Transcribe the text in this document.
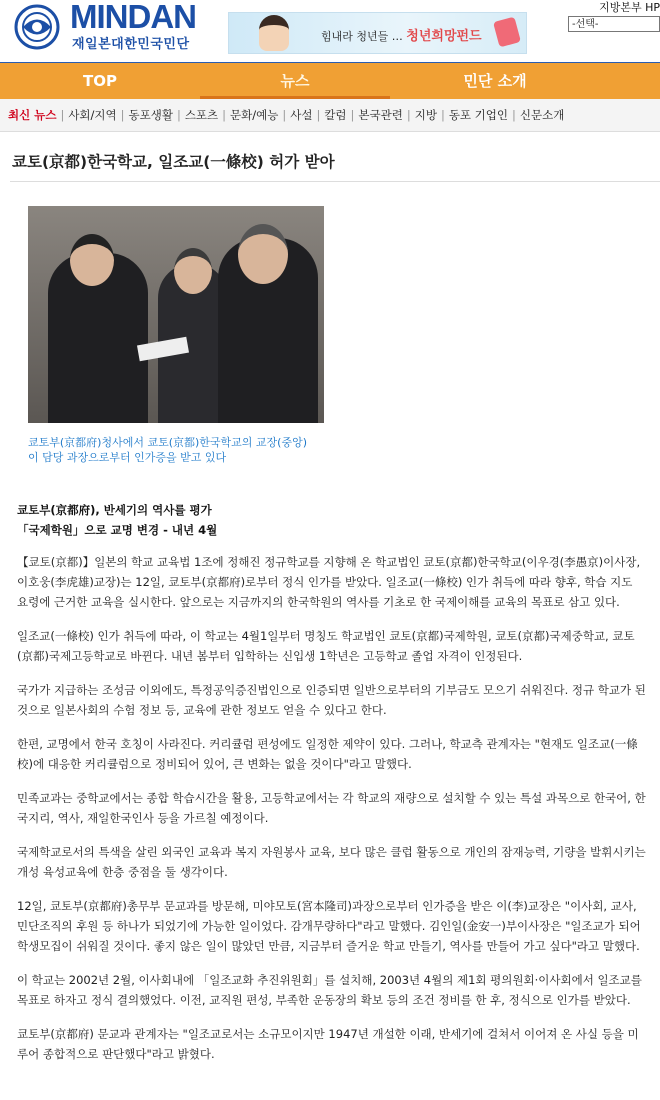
MINDAN
재일본대한민국민단
힘내라 청년들 … 청년희망펀드
지방본부 HP
-선택-
TOP	뉴스	민단 소개
최신 뉴스 | 사회/지역 | 동포생활 | 스포츠 | 문화/예능 | 사설 | 칼럼 | 본국관련 | 지방 | 동포 기업인 | 신문소개
쿄토(京都)한국학교, 일조교(一條校) 허가 받아
쿄토부(京都府)청사에서 쿄토(京都)한국학교의 교장(중앙)
이 담당 과장으로부터 인가증을 받고 있다
쿄토부(京都府), 반세기의 역사를 평가
「국제학원」으로 교명 변경 - 내년 4월

【쿄토(京都)】일본의 학교 교육법 1조에 정해진 정규학교를 지향해 온 학교법인 쿄토(京都)한국학교(이우경(李愚京)이사장, 이호웅(李虎雄)교장)는 12일, 쿄토부(京都府)로부터 정식 인가를 받았다. 일조교(一條校) 인가 취득에 따라 향후, 학습 지도 요령에 근거한 교육을 실시한다. 앞으로는 지금까지의 한국학원의 역사를 기초로 한 국제이해를 교육의 목표로 삼고 있다.

일조교(一條校) 인가 취득에 따라, 이 학교는 4월1일부터 명칭도 학교법인 쿄토(京都)국제학원, 쿄토(京都)국제중학교, 쿄토(京都)국제고등학교로 바뀐다. 내년 봄부터 입학하는 신입생 1학년은 고등학교 졸업 자격이 인정된다.

국가가 지급하는 조성금 이외에도, 특정공익증진법인으로 인증되면 일반으로부터의 기부금도 모으기 쉬워진다. 정규 학교가 된 것으로 일본사회의 수험 정보 등, 교육에 관한 정보도 얻을 수 있다고 한다.

한편, 교명에서 한국 호칭이 사라진다. 커리큘럼 편성에도 일정한 제약이 있다. 그러나, 학교측 관계자는 "현재도 일조교(一條校)에 대응한 커리큘럼으로 정비되어 있어, 큰 변화는 없을 것이다"라고 말했다.

민족교과는 중학교에서는 종합 학습시간을 활용, 고등학교에서는 각 학교의 재량으로 설치할 수 있는 특설 과목으로 한국어, 한국지리, 역사, 재일한국인사 등을 가르칠 예정이다.

국제학교로서의 특색을 살린 외국인 교육과 복지 자원봉사 교육, 보다 많은 클럽 활동으로 개인의 잠재능력, 기량을 발휘시키는 개성 육성교육에 한층 중점을 둘 생각이다.

12일, 쿄토부(京都府)총무부 문교과를 방문해, 미야모토(宮本隆司)과장으로부터 인가증을 받은 이(李)교장은 "이사회, 교사, 민단조직의 후원 등 하나가 되었기에 가능한 일이었다. 감개무량하다"라고 말했다. 김인일(金安一)부이사장은 "일조교가 되어 학생모집이 쉬워질 것이다. 좋지 않은 일이 많았던 만큼, 지금부터 즐거운 학교 만들기, 역사를 만들어 가고 싶다"라고 말했다.

이 학교는 2002년 2월, 이사회내에 「일조교화 추진위원회」를 설치해, 2003년 4월의 제1회 평의원회·이사회에서 일조교를 목표로 하자고 정식 결의했었다. 이전, 교직원 편성, 부족한 운동장의 확보 등의 조건 정비를 한 후, 정식으로 인가를 받았다.

쿄토부(京都府) 문교과 관계자는 "일조교로서는 소규모이지만 1947년 개설한 이래, 반세기에 걸쳐서 이어져 온 사실 등을 미루어 종합적으로 판단했다"라고 밝혔다.
